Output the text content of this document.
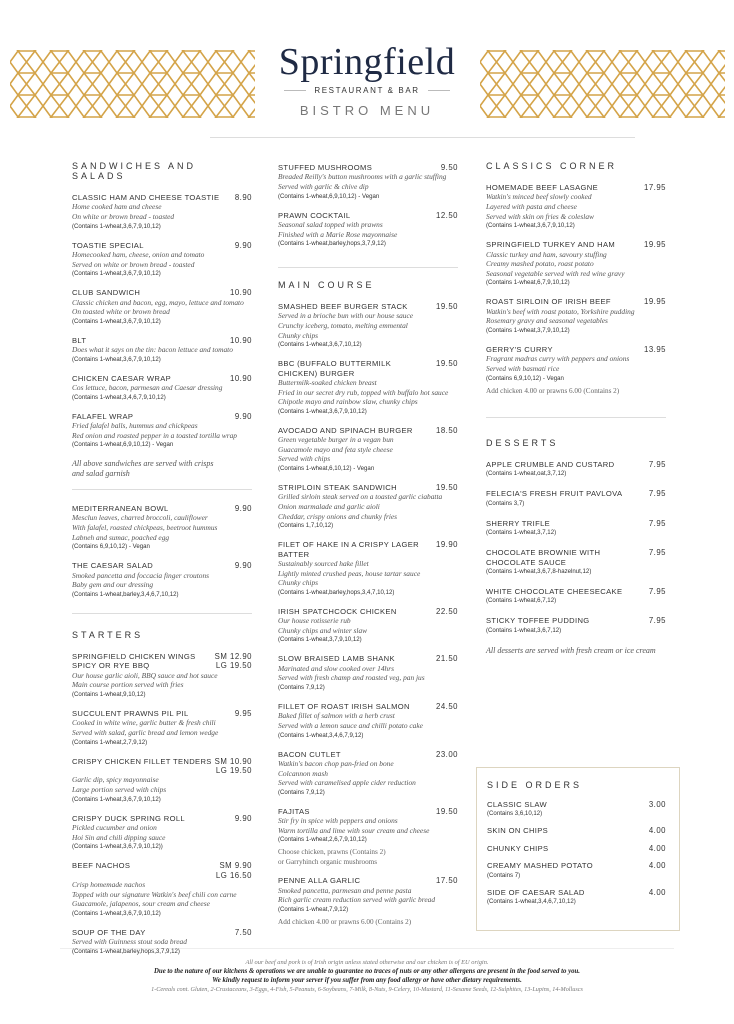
Springfield
RESTAURANT & BAR
BISTRO MENU
SANDWICHES AND SALADS
CLASSIC HAM AND CHEESE TOASTIE 8.90
Home cooked ham and cheese
On white or brown bread - toasted
(Contains 1-wheat,3,6,7,9,10,12)
TOASTIE SPECIAL	9.90
Homecooked ham, cheese, onion and tomato
Served on white or brown bread - toasted
(Contains 1-wheat,3,6,7,9,10,12)
CLUB SANDWICH	10.90
Classic chicken and bacon, egg, mayo, lettuce and tomato
On toasted white or brown bread
(Contains 1-wheat,3,6,7,9,10,12)
BLT	10.90
Does what it says on the tin: bacon lettuce and tomato
(Contains 1-wheat,3,6,7,9,10,12)
CHICKEN CAESAR WRAP	10.90
Cos lettuce, bacon, parmesan and Caesar dressing
(Contains 1-wheat,3,4,6,7,9,10,12)
FALAFEL WRAP	9.90
Fried falafel balls, hummus and chickpeas
Red onion and roasted pepper in a toasted tortilla wrap
(Contains 1-wheat,6,9,10,12) - Vegan
All above sandwiches are served with crisps and salad garnish
MEDITERRANEAN BOWL	9.90
Mesclun leaves, charred broccoli, cauliflower
With falafel, roasted chickpeas, beetroot hummus
Labneh and sumac, poached egg
(Contains 6,9,10,12) - Vegan
THE CAESAR SALAD	9.90
Smoked pancetta and foccacia finger croutons
Baby gem and our dressing
(Contains 1-wheat,barley,3,4,6,7,10,12)
STARTERS
SPRINGFIELD CHICKEN WINGS SPICY OR RYE BBQ
SM 12.90
LG 19.50
Our house garlic aioli, BBQ sauce and hot sauce
Main course portion served with fries
(Contains 1-wheat,9,10,12)
SUCCULENT PRAWNS PIL PIL	9.95
Cooked in white wine, garlic butter & fresh chili
Served with salad, garlic bread and lemon wedge
(Contains 1-wheat,2,7,9,12)
CRISPY CHICKEN FILLET TENDERS SM 10.90
LG 19.50
Garlic dip, spicy mayonnaise
Large portion served with chips
(Contains 1-wheat,3,6,7,9,10,12)
CRISPY DUCK SPRING ROLL	9.90
Pickled cucumber and onion
Hoi Sin and chili dipping sauce
(Contains 1-wheat,3,6,7,9,10,12))
BEEF NACHOS	SM 9.90
LG 16.50
Crisp homemade nachos
Topped with our signature Watkin's beef chili con carne
Guacamole, jalapenos, sour cream and cheese
(Contains 1-wheat,3,6,7,9,10,12)
SOUP OF THE DAY	7.50
Served with Guinness stout soda bread
(Contains 1-wheat,barley,hops,3,7,9,12)
STUFFED MUSHROOMS	9.50
Breaded Reilly's button mushrooms with a garlic stuffing
Served with garlic & chive dip
(Contains 1-wheat,6,9,10,12) - Vegan
PRAWN COCKTAIL	12.50
Seasonal salad topped with prawns
Finished with a Marie Rose mayonnaise
(Contains 1-wheat,barley,hops,3,7,9,12)
MAIN COURSE
SMASHED BEEF BURGER STACK	19.50
Served in a brioche bun with our house sauce
Crunchy iceberg, tomato, melting emmental
Chunky chips
(Contains 1-wheat,3,6,7,10,12)
BBC (BUFFALO BUTTERMILK CHICKEN) BURGER
19.50
Buttermilk-soaked chicken breast
Fried in our secret dry rub, topped with buffalo hot sauce
Chipotle mayo and rainbow slaw, chunky chips
(Contains 1-wheat,3,6,7,9,10,12)
AVOCADO AND SPINACH BURGER	18.50
Green vegetable burger in a vegan bun
Guacamole mayo and feta style cheese
Served with chips
(Contains 1-wheat,6,10,12) - Vegan
STRIPLOIN STEAK SANDWICH	19.50
Grilled sirloin steak served on a toasted garlic ciabatta
Onion marmalade and garlic aioli
Cheddar, crispy onions and chunky fries
(Contains 1,7,10,12)
FILET OF HAKE IN A CRISPY LAGER BATTER
19.90
Sustainably sourced hake fillet
Lightly minted crushed peas, house tartar sauce
Chunky chips
(Contains 1-wheat,barley,hops,3,4,7,10,12)
IRISH SPATCHCOCK CHICKEN	22.50
Our house rotisserie rub
Chunky chips and winter slaw
(Contains 1-wheat,3,7,9,10,12)
SLOW BRAISED LAMB SHANK	21.50
Marinated and slow cooked over 14hrs
Served with fresh champ and roasted veg, pan jus
(Contains 7,9,12)
FILLET OF ROAST IRISH SALMON	24.50
Baked fillet of salmon with a herb crust
Served with a lemon sauce and chilli potato cake
(Contains 1-wheat,3,4,6,7,9,12)
BACON CUTLET	23.00
Watkin's bacon chop pan-fried on bone
Colcannon mash
Served with caramelised apple cider reduction
(Contains 7,9,12)
FAJITAS	19.50
Stir fry in spice with peppers and onions
Warm tortilla and lime with sour cream and cheese
(Contains 1-wheat,2,6,7,9,10,12)
Choose chicken, prawns (Contains 2)
or Garryhinch organic mushrooms
PENNE ALLA GARLIC	17.50
Smoked pancetta, parmesan and penne pasta
Rich garlic cream reduction served with garlic bread
(Contains 1-wheat,7,9,12)
Add chicken 4.00 or prawns 6.00 (Contains 2)
CLASSICS CORNER
HOMEMADE BEEF LASAGNE	17.95
Watkin's minced beef slowly cooked
Layered with pasta and cheese
Served with skin on fries & coleslaw
(Contains 1-wheat,3,6,7,9,10,12)
SPRINGFIELD TURKEY AND HAM	19.95
Classic turkey and ham, savoury stuffing
Creamy mashed potato, roast potato
Seasonal vegetable served with red wine gravy
(Contains 1-wheat,6,7,9,10,12)
ROAST SIRLOIN OF IRISH BEEF	19.95
Watkin's beef with roast potato, Yorkshire pudding
Rosemary gravy and seasonal vegetables
(Contains 1-wheat,3,7,9,10,12)
GERRY'S CURRY	13.95
Fragrant madras curry with peppers and onions
Served with basmati rice
(Contains 6,9,10,12) - Vegan
Add chicken 4.00 or prawns 6.00 (Contains 2)
DESSERTS
APPLE CRUMBLE AND CUSTARD	7.95
(Contains 1-wheat,oat,3,7,12)
FELECIA'S FRESH FRUIT PAVLOVA	7.95
(Contains 3,7)
SHERRY TRIFLE	7.95
(Contains 1-wheat,3,7,12)
CHOCOLATE BROWNIE WITH CHOCOLATE SAUCE
7.95
(Contains 1-wheat,3,6,7,8-hazelnut,12)
WHITE CHOCOLATE CHEESECAKE	7.95
(Contains 1-wheat,6,7,12)
STICKY TOFFEE PUDDING	7.95
(Contains 1-wheat,3,6,7,12)
All desserts are served with fresh cream or ice cream
SIDE ORDERS
CLASSIC SLAW	3.00
(Contains 3,6,10,12)
SKIN ON CHIPS	4.00
CHUNKY CHIPS	4.00
CREAMY MASHED POTATO	4.00
(Contains 7)
SIDE OF CAESAR SALAD	4.00
(Contains 1-wheat,3,4,6,7,10,12)
All our beef and pork is of Irish origin unless stated otherwise and our chicken is of EU origin.
Due to the nature of our kitchens & operations we are unable to guarantee no traces of nuts or any other allergens are present in the food served to you.
We kindly request to inform your server if you suffer from any food allergy or have other dietary requirements.
1-Cereals cont. Gluten, 2-Crustaceans, 3-Eggs, 4-Fish, 5-Peanuts, 6-Soybeans, 7-Milk, 8-Nuts, 9-Celery, 10-Mustard, 11-Sesame Seeds, 12-Sulphites, 13-Lupins, 14-Molluscs
